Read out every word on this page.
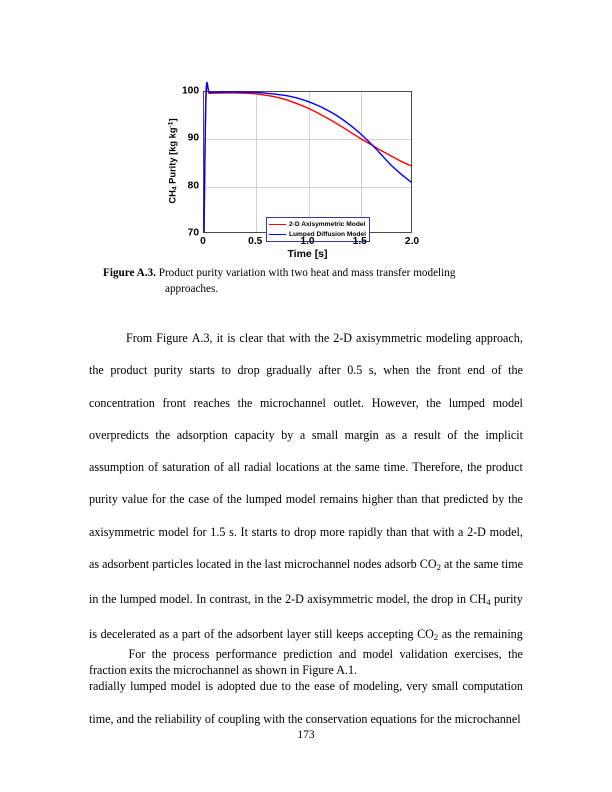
$CH_4$ Purity [kg $kg^{-1}$]
70
80
90
100
2-D Axisymmetric Model
Lumped Diffusion Model
0	0.5	1.0	1.5	2.0
Time [s]
Figure A.3. Product purity variation with two heat and mass transfer modeling
approaches.
From Figure A.3, it is clear that with the 2-D axisymmetric modeling approach,
the product purity starts to drop gradually after 0.5 s, when the front end of the
concentration front reaches the microchannel outlet. However, the lumped model
overpredicts the adsorption capacity by a small margin as a result of the implicit
assumption of saturation of all radial locations at the same time. Therefore, the product
purity value for the case of the lumped model remains higher than that predicted by the
axisymmetric model for 1.5 s. It starts to drop more rapidly than that with a 2-D model,
as adsorbent particles located in the last microchannel nodes adsorb $CO_2$ at the same time
in the lumped model. In contrast, in the 2-D axisymmetric model, the drop in $CH_4$ purity
is decelerated as a part of the adsorbent layer still keeps accepting $CO_2$ as the remaining
fraction exits the microchannel as shown in Figure A.1.
For the process performance prediction and model validation exercises, the
radially lumped model is adopted due to the ease of modeling, very small computation
time, and the reliability of coupling with the conservation equations for the microchannel
173
